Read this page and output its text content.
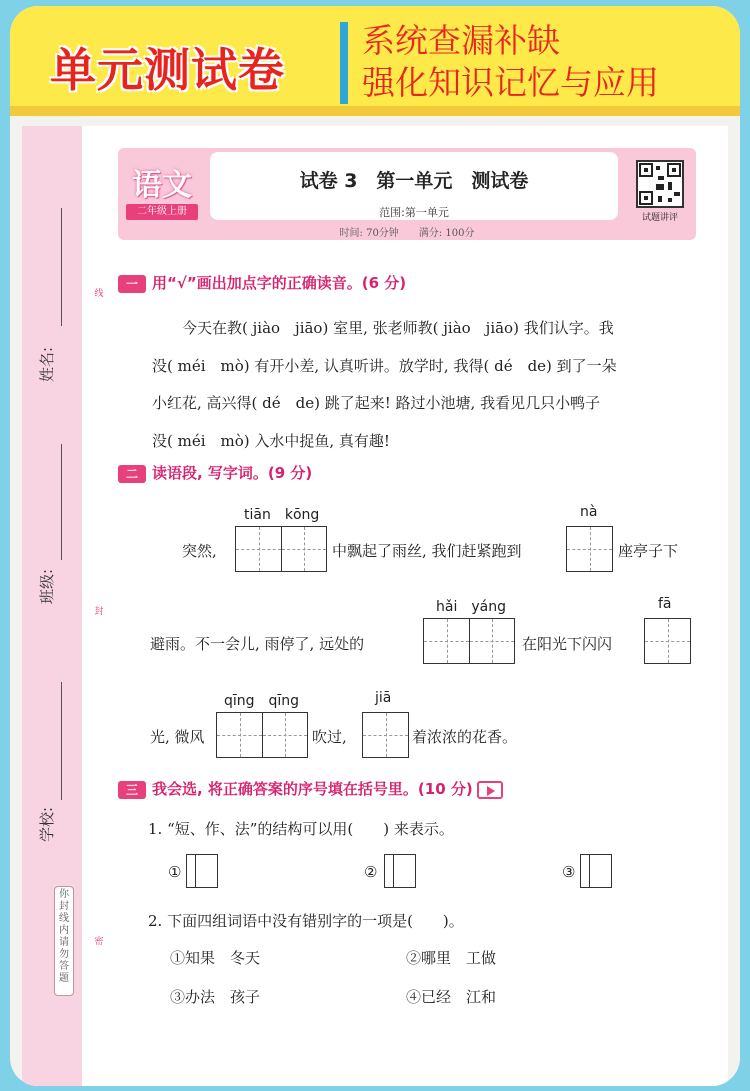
单元测试卷
系统查漏补缺
强化知识记忆与应用
姓名:
班级:
学校:
线
封
密
你封线内请勿答题
语文
二年级上册
试卷 3　第一单元　测试卷
范围:第一单元	试题讲评
时间: 70分钟　　满分: 100分
一 用“√”画出加点字的正确读音。(6 分)
　　今天在教( jiào　jiāo) 室里, 张老师教( jiào　jiāo) 我们认字。我
没( méi　mò) 有开小差, 认真听讲。放学时, 我得( dé　de) 到了一朵
小红花, 高兴得( dé　de) 跳了起来! 路过小池塘, 我看见几只小鸭子
没( méi　mò) 入水中捉鱼, 真有趣!
二 读语段, 写字词。(9 分)
tiān　kōng	nà
突然,	中飘起了雨丝, 我们赶紧跑到	座亭子下
hǎi　yáng	fā
避雨。不一会儿, 雨停了, 远处的	在阳光下闪闪
qīng　qīng	jiā
光, 微风	吹过,	着浓浓的花香。
三 我会选, 将正确答案的序号填在括号里。(10 分)
1. “短、作、法”的结构可以用(　　) 来表示。
①	②	③
2. 下面四组词语中没有错别字的一项是(　　)。
①知果　冬天	②哪里　工做
③办法　孩子	④已经　江和
